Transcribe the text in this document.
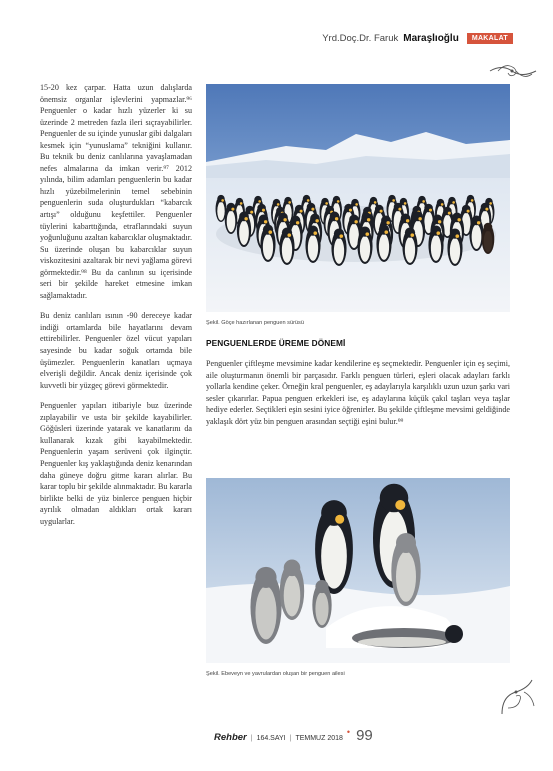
Yrd.Doç.Dr. Faruk Maraşlıoğlu	MAKALAT

15-20 kez çarpar. Hatta uzun dalışlarda önemsiz organlar işlevlerini yapmazlar.⁹⁶ Penguenler o kadar hızlı yüzerler ki su üzerinde 2 metreden fazla ileri sıçrayabilirler. Penguenler de su içinde yunuslar gibi dalgaları kesmek için “yunuslama” tekniğini kullanır. Bu teknik bu deniz canlılarına yavaşlamadan nefes almalarına da imkan verir.⁹⁷ 2012 yılında, bilim adamları penguenlerin bu kadar hızlı yüzebilmelerinin temel sebebinin penguenlerin suda oluşturdukları “kabarcık artışı” olduğunu keşfettiler. Penguenler tüylerini kabarttığında, etraflarındaki suyun yoğunluğunu azaltan kabarcıklar oluşmaktadır. Su üzerinde oluşan bu kabarcıklar suyun viskozitesini azaltarak bir nevi yağlama görevi görmektedir.⁹⁸ Bu da canlının su içerisinde seri bir şekilde hareket etmesine imkan sağlamaktadır.

Bu deniz canlıları ısının -90 dereceye kadar indiği ortamlarda bile hayatlarını devam ettirebilirler. Penguenler özel vücut yapıları sayesinde bu kadar soğuk ortamda bile üşümezler. Penguenlerin kanatları uçmaya elverişli değildir. Ancak deniz içerisinde çok kuvvetli bir yüzgeç görevi görmektedir.

Penguenler yapıları itibariyle buz üzerinde zıplayabilir ve usta bir şekilde kayabilirler. Göğüsleri üzerinde yatarak ve kanatlarını da kullanarak kızak gibi kayabilmektedir. Penguenlerin yaşam serüveni çok ilginçtir. Penguenler kış yaklaştığında deniz kenarından daha güneye doğru gitme kararı alırlar. Bu karar toplu bir şekilde alınmaktadır. Bu kararla birlikte belki de yüz binlerce penguen hiçbir ayrılık olmadan aldıkları ortak kararı uygularlar.

Şekil. Göçe hazırlanan penguen sürüsü
PENGUENLERDE ÜREME DÖNEMİ

Penguenler çiftleşme mevsimine kadar kendilerine eş seçmektedir. Penguenler için eş seçimi, aile oluşturmanın önemli bir parçasıdır. Farklı penguen türleri, eşleri olacak adayları farklı yollarla kendine çeker. Örneğin kral penguenler, eş adaylarıyla karşılıklı uzun uzun şarkı vari sesler çıkarırlar. Papua penguen erkekleri ise, eş adaylarına küçük çakıl taşları veya taşlar hediye ederler. Seçtikleri eşin sesini iyice öğrenirler. Bu şekilde çiftleşme mevsimi geldiğinde yaklaşık dört yüz bin penguen arasından seçtiği eşini bulur.⁹⁹

Şekil. Ebeveyn ve yavrulardan oluşan bir penguen ailesi
Rehber | 164.SAYI | TEMMUZ 2018
• 99
